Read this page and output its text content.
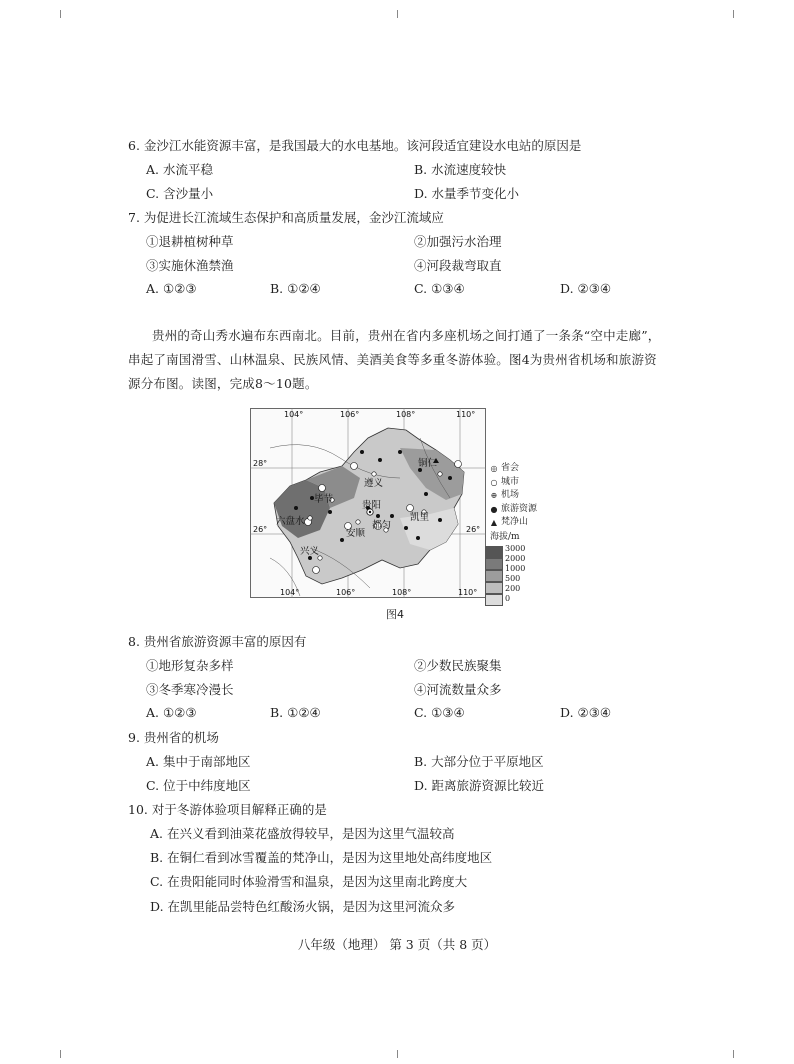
6. 金沙江水能资源丰富，是我国最大的水电基地。该河段适宜建设水电站的原因是
A. 水流平稳	B. 水流速度较快
C. 含沙量小	D. 水量季节变化小
7. 为促进长江流域生态保护和高质量发展，金沙江流域应
①退耕植树种草	②加强污水治理
③实施休渔禁渔	④河段裁弯取直
A. ①②③	B. ①②④	C. ①③④	D. ②③④
贵州的奇山秀水遍布东西南北。目前，贵州在省内多座机场之间打通了一条条“空中走廊”，串起了南国滑雪、山林温泉、民族风情、美酒美食等多重冬游体验。图4为贵州省机场和旅游资源分布图。读图，完成8～10题。
遵义
铜仁
毕节
六盘水
贵阳
都匀
凯里
安顺
兴义
104°	106°	108°	110°
104°	106°	108°	110°
28°
26°	26°
◎ 省会
○ 城市
⊕ 机场
● 旅游资源
▲ 梵净山
海拔/m
3000
2000
1000
500
200
0
图4
8. 贵州省旅游资源丰富的原因有
①地形复杂多样	②少数民族聚集
③冬季寒冷漫长	④河流数量众多
A. ①②③	B. ①②④	C. ①③④	D. ②③④
9. 贵州省的机场
A. 集中于南部地区	B. 大部分位于平原地区
C. 位于中纬度地区	D. 距离旅游资源比较近
10. 对于冬游体验项目解释正确的是
A. 在兴义看到油菜花盛放得较早，是因为这里气温较高
B. 在铜仁看到冰雪覆盖的梵净山，是因为这里地处高纬度地区
C. 在贵阳能同时体验滑雪和温泉，是因为这里南北跨度大
D. 在凯里能品尝特色红酸汤火锅，是因为这里河流众多
八年级（地理） 第 3 页（共 8 页）
